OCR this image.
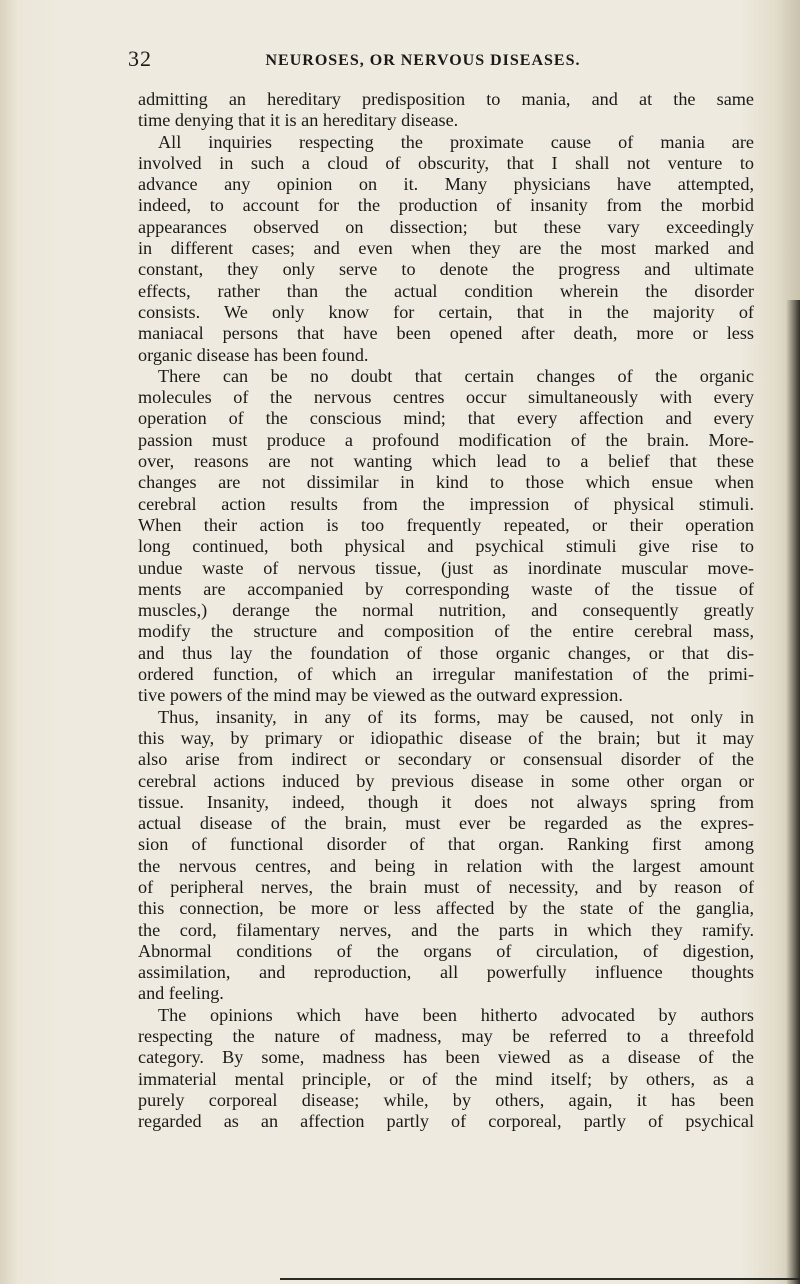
32	NEUROSES, OR NERVOUS DISEASES.
admitting an hereditary predisposition to mania, and at the same
time denying that it is an hereditary disease.
All inquiries respecting the proximate cause of mania are
involved in such a cloud of obscurity, that I shall not venture to
advance any opinion on it. Many physicians have attempted,
indeed, to account for the production of insanity from the morbid
appearances observed on dissection; but these vary exceedingly
in different cases; and even when they are the most marked and
constant, they only serve to denote the progress and ultimate
effects, rather than the actual condition wherein the disorder
consists. We only know for certain, that in the majority of
maniacal persons that have been opened after death, more or less
organic disease has been found.
There can be no doubt that certain changes of the organic
molecules of the nervous centres occur simultaneously with every
operation of the conscious mind; that every affection and every
passion must produce a profound modification of the brain. More-
over, reasons are not wanting which lead to a belief that these
changes are not dissimilar in kind to those which ensue when
cerebral action results from the impression of physical stimuli.
When their action is too frequently repeated, or their operation
long continued, both physical and psychical stimuli give rise to
undue waste of nervous tissue, (just as inordinate muscular move-
ments are accompanied by corresponding waste of the tissue of
muscles,) derange the normal nutrition, and consequently greatly
modify the structure and composition of the entire cerebral mass,
and thus lay the foundation of those organic changes, or that dis-
ordered function, of which an irregular manifestation of the primi-
tive powers of the mind may be viewed as the outward expression.
Thus, insanity, in any of its forms, may be caused, not only in
this way, by primary or idiopathic disease of the brain; but it may
also arise from indirect or secondary or consensual disorder of the
cerebral actions induced by previous disease in some other organ or
tissue. Insanity, indeed, though it does not always spring from
actual disease of the brain, must ever be regarded as the expres-
sion of functional disorder of that organ. Ranking first among
the nervous centres, and being in relation with the largest amount
of peripheral nerves, the brain must of necessity, and by reason of
this connection, be more or less affected by the state of the ganglia,
the cord, filamentary nerves, and the parts in which they ramify.
Abnormal conditions of the organs of circulation, of digestion,
assimilation, and reproduction, all powerfully influence thoughts
and feeling.
The opinions which have been hitherto advocated by authors
respecting the nature of madness, may be referred to a threefold
category. By some, madness has been viewed as a disease of the
immaterial mental principle, or of the mind itself; by others, as a
purely corporeal disease; while, by others, again, it has been
regarded as an affection partly of corporeal, partly of psychical
